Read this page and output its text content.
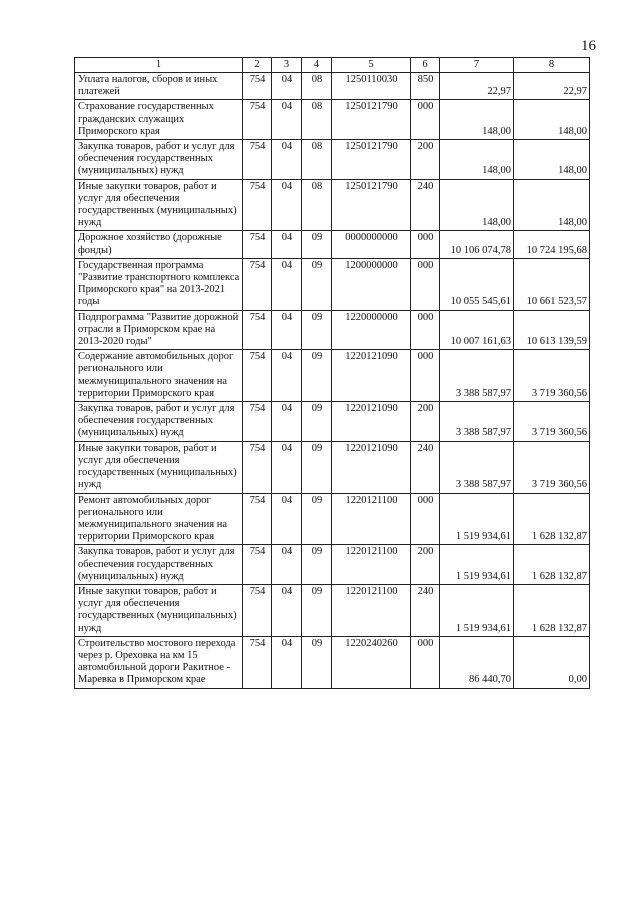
16
1	2	3	4	5	6	7	8
Уплата налогов, сборов и иных платежей	754	04	08	1250110030	850	22,97	22,97
Страхование государственных гражданских служащих Приморского края	754	04	08	1250121790	000	148,00	148,00
Закупка товаров, работ и услуг для обеспечения государственных (муниципальных) нужд	754	04	08	1250121790	200	148,00	148,00
Иные закупки товаров, работ и услуг для обеспечения государственных (муниципальных) нужд	754	04	08	1250121790	240	148,00	148,00
Дорожное хозяйство (дорожные фонды)	754	04	09	0000000000	000	10 106 074,78	10 724 195,68
Государственная программа "Развитие транспортного комплекса Приморского края" на 2013-2021 годы	754	04	09	1200000000	000	10 055 545,61	10 661 523,57
Подпрограмма "Развитие дорожной отрасли в Приморском крае на 2013-2020 годы"	754	04	09	1220000000	000	10 007 161,63	10 613 139,59
Содержание автомобильных дорог регионального или межмуниципального значения на территории Приморского края	754	04	09	1220121090	000	3 388 587,97	3 719 360,56
Закупка товаров, работ и услуг для обеспечения государственных (муниципальных) нужд	754	04	09	1220121090	200	3 388 587,97	3 719 360,56
Иные закупки товаров, работ и услуг для обеспечения государственных (муниципальных) нужд	754	04	09	1220121090	240	3 388 587,97	3 719 360,56
Ремонт автомобильных дорог регионального или межмуниципального значения на территории Приморского края	754	04	09	1220121100	000	1 519 934,61	1 628 132,87
Закупка товаров, работ и услуг для обеспечения государственных (муниципальных) нужд	754	04	09	1220121100	200	1 519 934,61	1 628 132,87
Иные закупки товаров, работ и услуг для обеспечения государственных (муниципальных) нужд	754	04	09	1220121100	240	1 519 934,61	1 628 132,87
Строительство мостового перехода через р. Ореховка на км 15 автомобильной дороги Ракитное - Маревка в Приморском крае	754	04	09	1220240260	000	86 440,70	0,00
